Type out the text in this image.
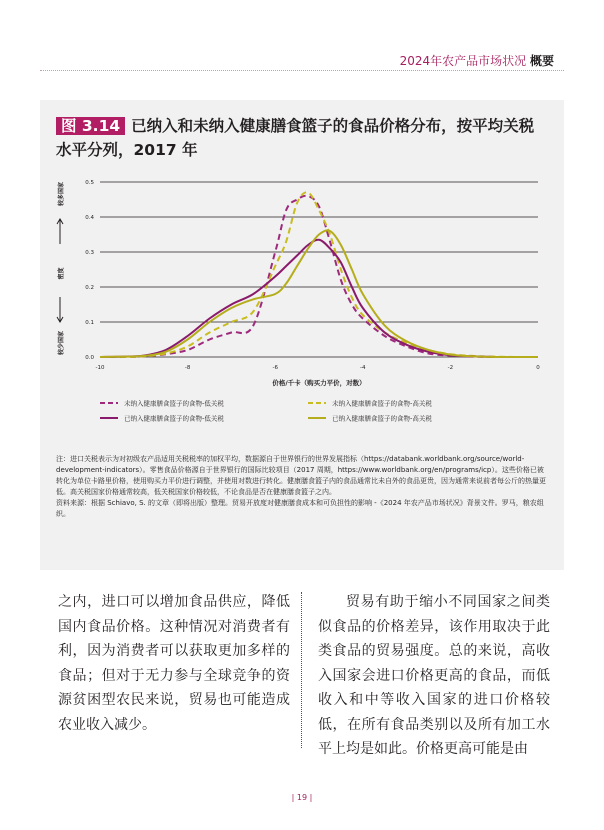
2024年农产品市场状况 概要
图 3.14 已纳入和未纳入健康膳食篮子的食品价格分布，按平均关税水平分列，2017 年
0.0
0.1
0.2
0.3
0.4
0.5
-10	-8	-6	-4	-2	0
价格/千卡（购买力平价，对数）
较多国家
密度
较少国家
未纳入健康膳食篮子的食物-低关税	未纳入健康膳食篮子的食物-高关税
已纳入健康膳食篮子的食物-低关税	已纳入健康膳食篮子的食物-高关税
注：进口关税表示为对初级农产品适用关税税率的加权平均，数据源自于世界银行的世界发展指标（https://databank.worldbank.org/source/world-development-indicators）。零售食品价格源自于世界银行的国际比较项目（2017 周期，https://www.worldbank.org/en/programs/icp）。这些价格已被转化为单位卡路里价格，使用购买力平价进行调整，并使用对数进行转化。健康膳食篮子内的食品通常比未自外的食品更贵，因为通常来说前者每公斤的热量更低。高关税国家价格通常较高，低关税国家价格较低，不论食品是否在健康膳食篮子之内。
资料来源：根据 Schiavo, S. 的文章（即将出版）整理。贸易开放度对健康膳食成本和可负担性的影响 -《2024 年农产品市场状况》背景文件。罗马，粮农组织。
之内，进口可以增加食品供应，降低国内食品价格。这种情况对消费者有利，因为消费者可以获取更加多样的食品；但对于无力参与全球竞争的资源贫困型农民来说，贸易也可能造成农业收入减少。
贸易有助于缩小不同国家之间类似食品的价格差异，该作用取决于此类食品的贸易强度。总的来说，高收入国家会进口价格更高的食品，而低收入和中等收入国家的进口价格较低，在所有食品类别以及所有加工水平上均是如此。价格更高可能是由
| 19 |
